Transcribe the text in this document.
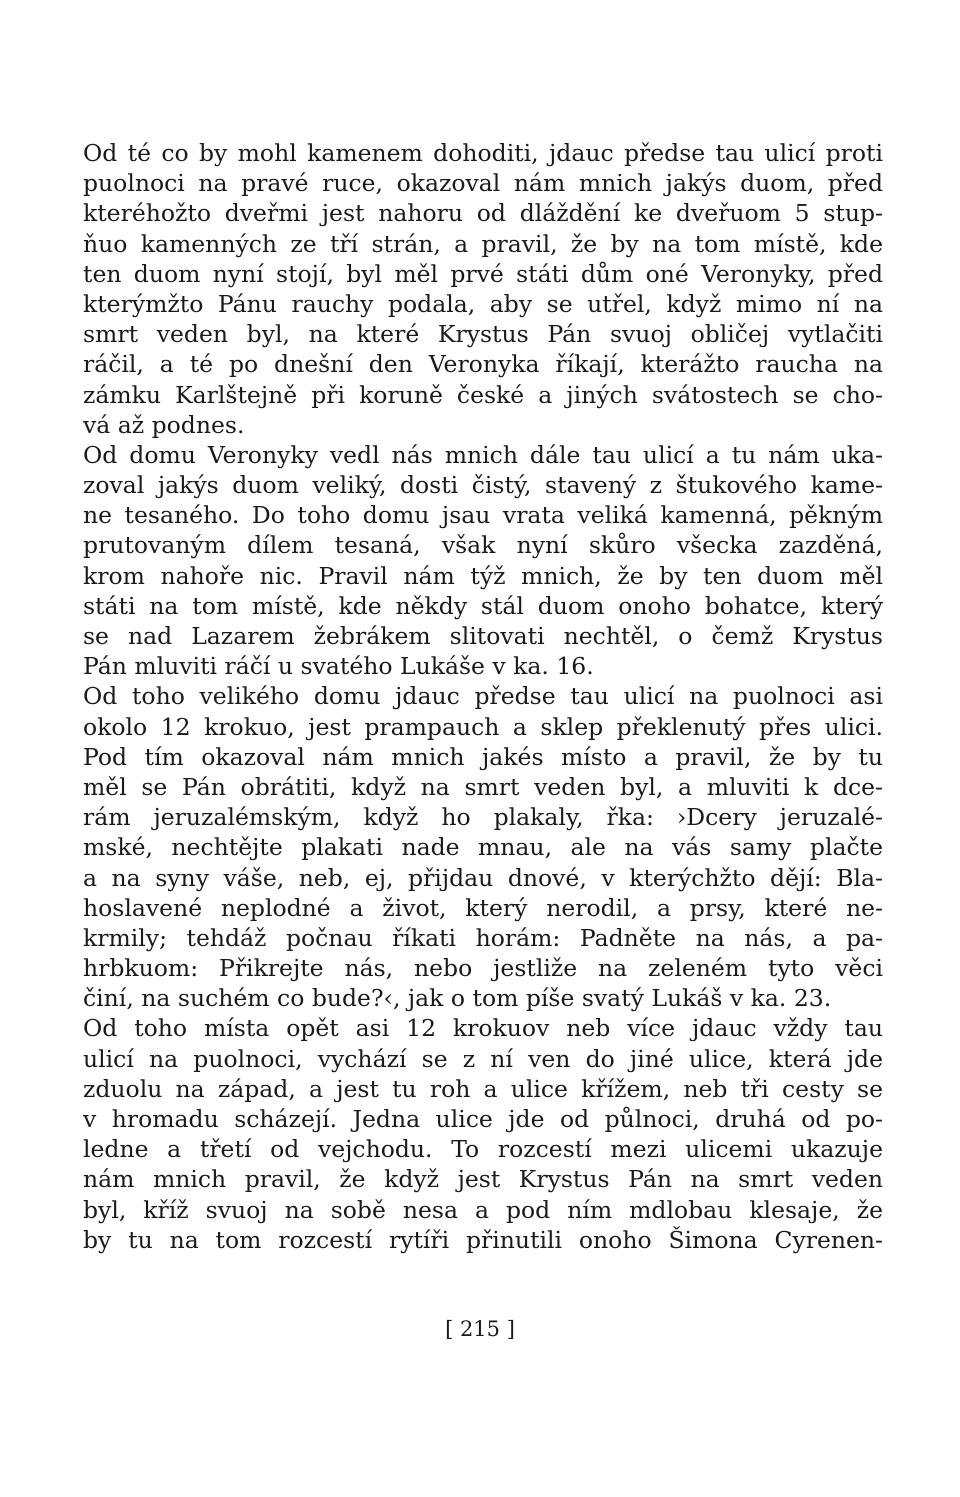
Od té co by mohl kamenem dohoditi, jdauc předse tau ulicí proti
puolnoci na pravé ruce, okazoval nám mnich jakýs duom, před
kteréhožto dveřmi jest nahoru od dláždění ke dveřuom 5 stup-
ňuo kamenných ze tří strán, a pravil, že by na tom místě, kde
ten duom nyní stojí, byl měl prvé státi dům oné Veronyky, před
kterýmžto Pánu rauchy podala, aby se utřel, když mimo ní na
smrt veden byl, na které Krystus Pán svuoj obličej vytlačiti
ráčil, a té po dnešní den Veronyka říkají, kterážto raucha na
zámku Karlštejně při koruně české a jiných svátostech se cho-
vá až podnes.
Od domu Veronyky vedl nás mnich dále tau ulicí a tu nám uka-
zoval jakýs duom veliký, dosti čistý, stavený z štukového kame-
ne tesaného. Do toho domu jsau vrata veliká kamenná, pěkným
prutovaným dílem tesaná, však nyní skůro všecka zazděná,
krom nahoře nic. Pravil nám týž mnich, že by ten duom měl
státi na tom místě, kde někdy stál duom onoho bohatce, který
se nad Lazarem žebrákem slitovati nechtěl, o čemž Krystus
Pán mluviti ráčí u svatého Lukáše v ka. 16.
Od toho velikého domu jdauc předse tau ulicí na puolnoci asi
okolo 12 krokuo, jest prampauch a sklep překlenutý přes ulici.
Pod tím okazoval nám mnich jakés místo a pravil, že by tu
měl se Pán obrátiti, když na smrt veden byl, a mluviti k dce-
rám jeruzalémským, když ho plakaly, řka: ›Dcery jeruzalé-
mské, nechtějte plakati nade mnau, ale na vás samy plačte
a na syny váše, neb, ej, přijdau dnové, v kterýchžto dějí: Bla-
hoslavené neplodné a život, který nerodil, a prsy, které ne-
krmily; tehdáž počnau říkati horám: Padněte na nás, a pa-
hrbkuom: Přikrejte nás, nebo jestliže na zeleném tyto věci
činí, na suchém co bude?‹, jak o tom píše svatý Lukáš v ka. 23.
Od toho místa opět asi 12 krokuov neb více jdauc vždy tau
ulicí na puolnoci, vychází se z ní ven do jiné ulice, která jde
zduolu na západ, a jest tu roh a ulice křížem, neb tři cesty se
v hromadu scházejí. Jedna ulice jde od půlnoci, druhá od po-
ledne a třetí od vejchodu. To rozcestí mezi ulicemi ukazuje
nám mnich pravil, že když jest Krystus Pán na smrt veden
byl, kříž svuoj na sobě nesa a pod ním mdlobau klesaje, že
by tu na tom rozcestí rytíři přinutili onoho Šimona Cyrenen-
[ 215 ]
